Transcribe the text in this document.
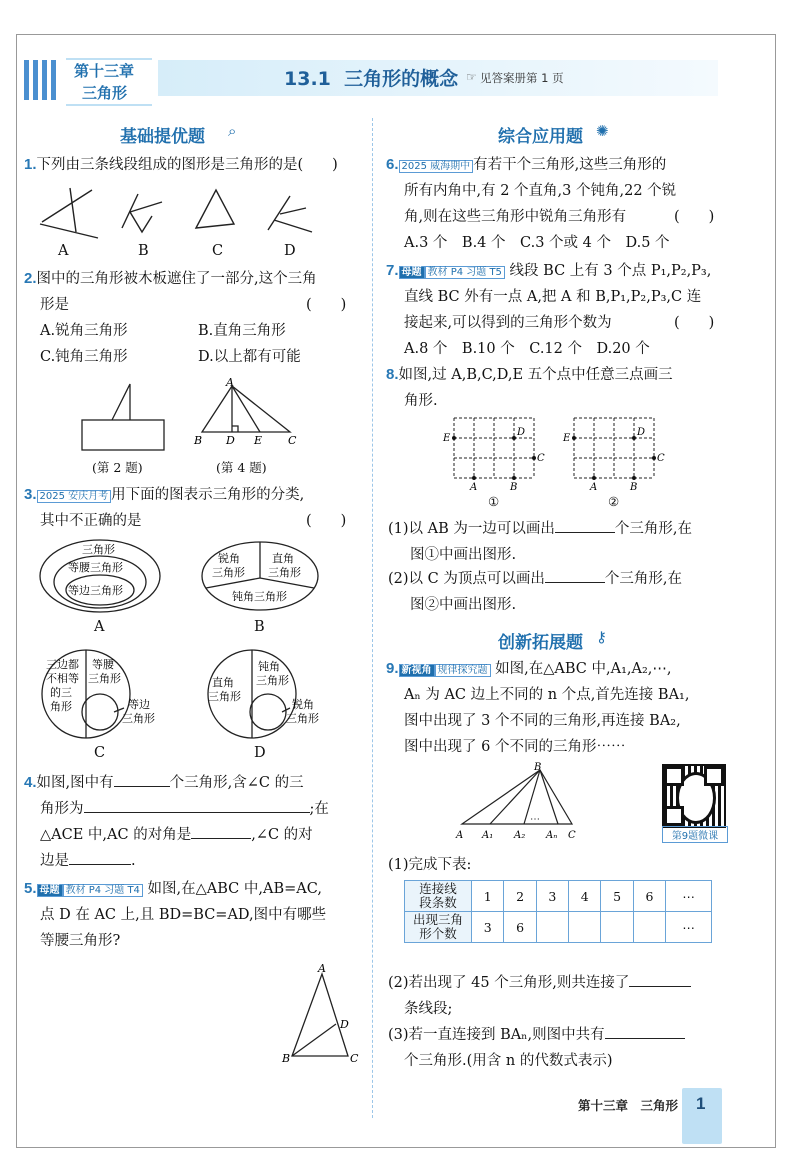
第十三章
三角形
13.1  三角形的概念 ☞ 见答案册第 1 页
基础提优题 ⌕
1.下列由三条线段组成的图形是三角形的是(　　)
A	B	C	D
2.图中的三角形被木板遮住了一部分,这个三角
形是	(　　)
A.锐角三角形	B.直角三角形
C.钝角三角形	D.以上都有可能
A
B D E C
(第 2 题)	(第 4 题)
3. 2025 安庆月考 用下面的图表示三角形的分类,
其中不正确的是	(　　)
三角形
等腰三角形
等边三角形
A
锐角
三角形
直角
三角形
钝角三角形
B
三边都
不相等
的三
角形
等腰
三角形
等边
三角形
C
直角
三角形
钝角
三角形
锐角
三角形
D
4.如图,图中有	个三角形,含∠C 的三
角形为	;在
△ACE 中,AC 的对角是	,∠C 的对
边是	.
5. 母题 教材 P4 习题 T4 如图,在△ABC 中,AB=AC,
点 D 在 AC 上,且 BD=BC=AD,图中有哪些
等腰三角形?
A
B	C
D
综合应用题 ✺
6. 2025 威海期中 有若干个三角形,这些三角形的
所有内角中,有 2 个直角,3 个钝角,22 个锐
角,则在这些三角形中锐角三角形有	(　　)
A.3 个　B.4 个　C.3 个或 4 个　D.5 个
7. 母题 教材 P4 习题 T5 线段 BC 上有 3 个点 P₁,P₂,P₃,
直线 BC 外有一点 A,把 A 和 B,P₁,P₂,P₃,C 连
接起来,可以得到的三角形个数为	(　　)
A.8 个　B.10 个　C.12 个　D.20 个
8.如图,过 A,B,C,D,E 五个点中任意三点画三
角形.
E
D
C
A	B
①
E
D
C
A	B
②
(1)以 AB 为一边可以画出	个三角形,在
图①中画出图形.
(2)以 C 为顶点可以画出	个三角形,在
图②中画出图形.
创新拓展题 ⚷
9. 新视角 规律探究题 如图,在△ABC 中,A₁,A₂,⋯,
Aₙ 为 AC 边上不同的 n 个点,首先连接 BA₁,
图中出现了 3 个不同的三角形,再连接 BA₂,
图中出现了 6 个不同的三角形⋯⋯
B
A A₁ A₂
⋯
Aₙ C	第9题微课
(1)完成下表:
连接线
段条数	1	2	3	4	5	6	⋯
出现三角
形个数	3	6					⋯
(2)若出现了 45 个三角形,则共连接了
条线段;
(3)若一直连接到 BAₙ,则图中共有
个三角形.(用含 n 的代数式表示)
第十三章　三角形 1
